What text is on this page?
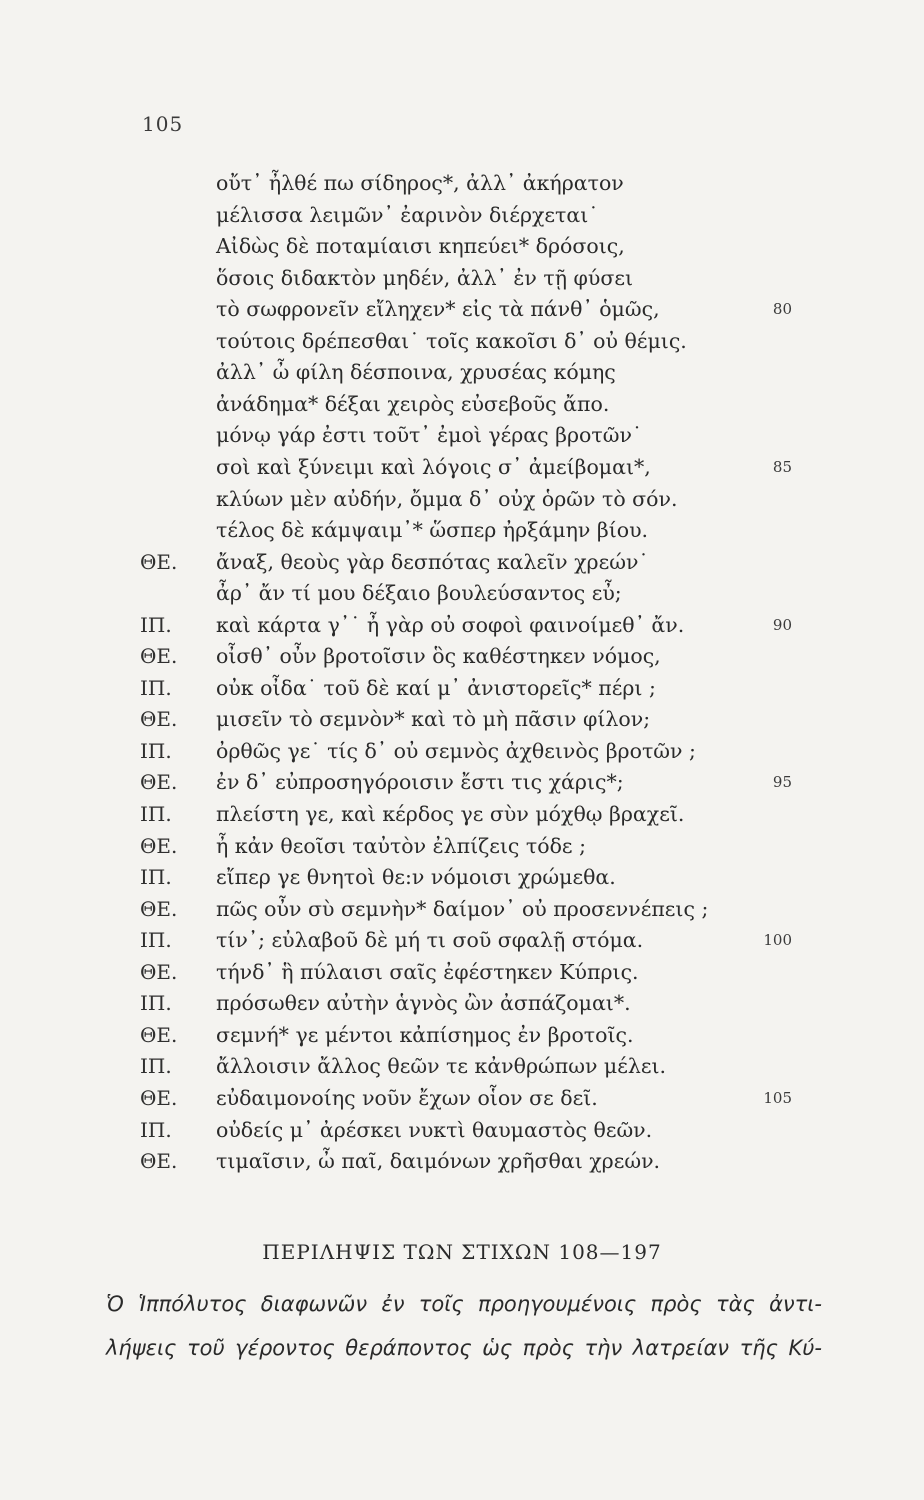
105
οὔτ᾽ ἦλθέ πω σίδηρος*, ἀλλ᾽ ἀκήρατον
μέλισσα λειμῶν᾽ ἐαρινὸν διέρχεται˙
Αἰδὼς δὲ ποταμίαισι κηπεύει* δρόσοις,
ὅσοις διδακτὸν μηδέν, ἀλλ᾽ ἐν τῇ φύσει
τὸ σωφρονεῖν εἴληχεν* εἰς τὰ πάνθ᾽ ὁμῶς,	80
τούτοις δρέπεσθαι˙ τοῖς κακοῖσι δ᾽ οὐ θέμις.
ἀλλ᾽ ὦ φίλη δέσποινα, χρυσέας κόμης
ἀνάδημα* δέξαι χειρὸς εὐσεβοῦς ἄπο.
μόνῳ γάρ ἐστι τοῦτ᾽ ἐμοὶ γέρας βροτῶν˙
σοὶ καὶ ξύνειμι καὶ λόγοις σ᾽ ἀμείβομαι*,	85
κλύων μὲν αὐδήν, ὄμμα δ᾽ οὐχ ὁρῶν τὸ σόν.
τέλος δὲ κάμψαιμ᾽* ὥσπερ ἠρξάμην βίου.
ΘΕ. ἄναξ, θεοὺς γὰρ δεσπότας καλεῖν χρεών˙
ἆρ᾽ ἄν τί μου δέξαιο βουλεύσαντος εὖ;
ΙΠ. καὶ κάρτα γ᾽˙ ἦ γὰρ οὐ σοφοὶ φαινοίμεθ᾽ ἄν.	90
ΘΕ. οἶσθ᾽ οὖν βροτοῖσιν ὃς καθέστηκεν νόμος,
ΙΠ. οὐκ οἶδα˙ τοῦ δὲ καί μ᾽ ἀνιστορεῖς* πέρι ;
ΘΕ. μισεῖν τὸ σεμνὸν* καὶ τὸ μὴ πᾶσιν φίλον;
ΙΠ. ὀρθῶς γε˙ τίς δ᾽ οὐ σεμνὸς ἀχθεινὸς βροτῶν ;
ΘΕ. ἐν δ᾽ εὐπροσηγόροισιν ἔστι τις χάρις*;	95
ΙΠ. πλείστη γε, καὶ κέρδος γε σὺν μόχθῳ βραχεῖ.
ΘΕ. ἦ κἀν θεοῖσι ταὐτὸν ἐλπίζεις τόδε ;
ΙΠ. εἴπερ γε θνητοὶ θε:ν νόμοισι χρώμεθα.
ΘΕ. πῶς οὖν σὺ σεμνὴν* δαίμον᾽ οὐ προσεννέπεις ;
ΙΠ. τίν᾽; εὐλαβοῦ δὲ μή τι σοῦ σφαλῇ στόμα.	100
ΘΕ. τήνδ᾽ ἣ πύλαισι σαῖς ἐφέστηκεν Κύπρις.
ΙΠ. πρόσωθεν αὐτὴν ἁγνὸς ὢν ἀσπάζομαι*.
ΘΕ. σεμνή* γε μέντοι κἀπίσημος ἐν βροτοῖς.
ΙΠ. ἄλλοισιν ἄλλος θεῶν τε κἀνθρώπων μέλει.
ΘΕ. εὐδαιμονοίης νοῦν ἔχων οἷον σε δεῖ.	105
ΙΠ. οὐδείς μ᾽ ἀρέσκει νυκτὶ θαυμαστὸς θεῶν.
ΘΕ. τιμαῖσιν, ὦ παῖ, δαιμόνων χρῆσθαι χρεών.
ΠΕΡΙΛΗΨΙΣ ΤΩΝ ΣΤΙΧΩΝ 108—197
Ὁ Ἱππόλυτος διαφωνῶν ἐν τοῖς προηγουμένοις πρὸς τὰς ἀντι-
λήψεις τοῦ γέροντος θεράποντος ὡς πρὸς τὴν λατρείαν τῆς Κύ-
